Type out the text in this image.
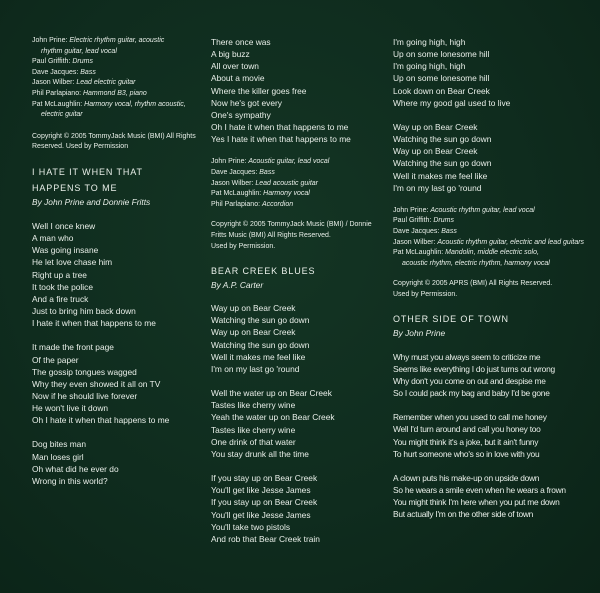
John Prine: Electric rhythm guitar, acoustic
rhythm guitar, lead vocal
Paul Griffith: Drums
Dave Jacques: Bass
Jason Wilber: Lead electric guitar
Phil Parlapiano: Hammond B3, piano
Pat McLaughlin: Harmony vocal, rhythm acoustic,
electric guitar
Copyright © 2005 TommyJack Music (BMI) All Rights
Reserved. Used by Permission
I HATE IT WHEN THAT
HAPPENS TO ME

By John Prine and Donnie Fritts

Well I once knew
A man who
Was going insane
He let love chase him
Right up a tree
It took the police
And a fire truck
Just to bring him back down
I hate it when that happens to me
It made the front page
Of the paper
The gossip tongues wagged
Why they even showed it all on TV
Now if he should live forever
He won't live it down
Oh I hate it when that happens to me
Dog bites man
Man loses girl
Oh what did he ever do
Wrong in this world?
There once was
A big buzz
All over town
About a movie
Where the killer goes free
Now he's got every
One's sympathy
Oh I hate it when that happens to me
Yes I hate it when that happens to me
John Prine: Acoustic guitar, lead vocal
Dave Jacques: Bass
Jason Wilber: Lead acoustic guitar
Pat McLaughlin: Harmony vocal
Phil Parlapiano: Accordion
Copyright © 2005 TommyJack Music (BMI) / Donnie
Fritts Music (BMI) All Rights Reserved.
Used by Permission.
BEAR CREEK BLUES

By A.P. Carter

Way up on Bear Creek
Watching the sun go down
Way up on Bear Creek
Watching the sun go down
Well it makes me feel like
I'm on my last go 'round
Well the water up on Bear Creek
Tastes like cherry wine
Yeah the water up on Bear Creek
Tastes like cherry wine
One drink of that water
You stay drunk all the time
If you stay up on Bear Creek
You'll get like Jesse James
If you stay up on Bear Creek
You'll get like Jesse James
You'll take two pistols
And rob that Bear Creek train
I'm going high, high
Up on some lonesome hill
I'm going high, high
Up on some lonesome hill
Look down on Bear Creek
Where my good gal used to live
Way up on Bear Creek
Watching the sun go down
Way up on Bear Creek
Watching the sun go down
Well it makes me feel like
I'm on my last go 'round
John Prine: Acoustic rhythm guitar, lead vocal
Paul Griffith: Drums
Dave Jacques: Bass
Jason Wilber: Acoustic rhythm guitar, electric and lead guitars
Pat McLaughlin: Mandolin, middle electric solo,
acoustic rhythm, electric rhythm, harmony vocal
Copyright © 2005 APRS (BMI) All Rights Reserved.
Used by Permission.
OTHER SIDE OF TOWN

By John Prine

Why must you always seem to criticize me
Seems like everything I do just turns out wrong
Why don't you come on out and despise me
So I could pack my bag and baby I'd be gone
Remember when you used to call me honey
Well I'd turn around and call you honey too
You might think it's a joke, but it ain't funny
To hurt someone who's so in love with you
A clown puts his make-up on upside down
So he wears a smile even when he wears a frown
You might think I'm here when you put me down
But actually I'm on the other side of town
